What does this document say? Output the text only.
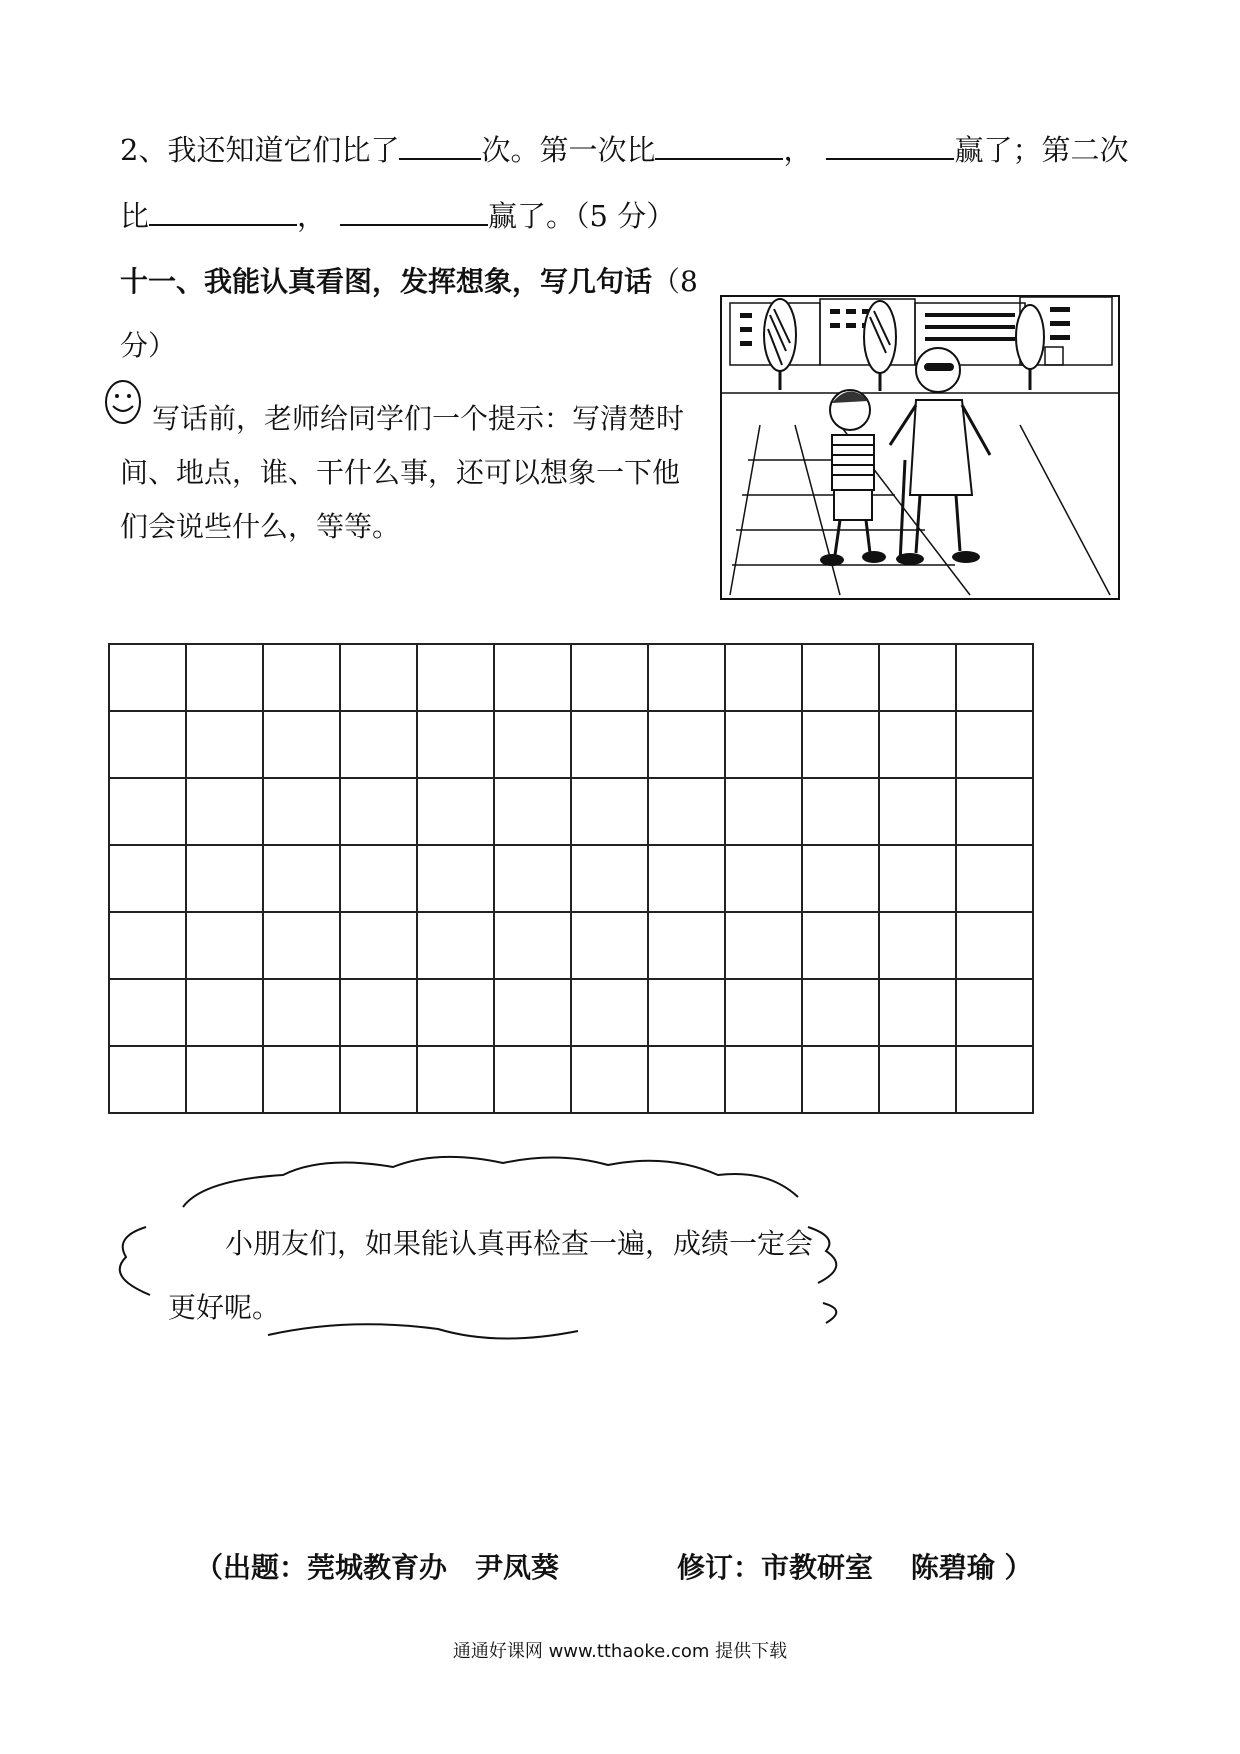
2、我还知道它们比了	次。第一次比	，	赢了；第二次
比	，	赢了。（5 分）
十一、我能认真看图，发挥想象，写几句话（8
分）
写话前，老师给同学们一个提示：写清楚时间、地点，谁、干什么事，还可以想象一下他们会说些什么，等等。

小朋友们，如果能认真再检查一遍，成绩一定会更好呢。
（出题：莞城教育办　尹凤葵	修订：市教研室　 陈碧瑜 ）
通通好课网 www.tthaoke.com 提供下载
